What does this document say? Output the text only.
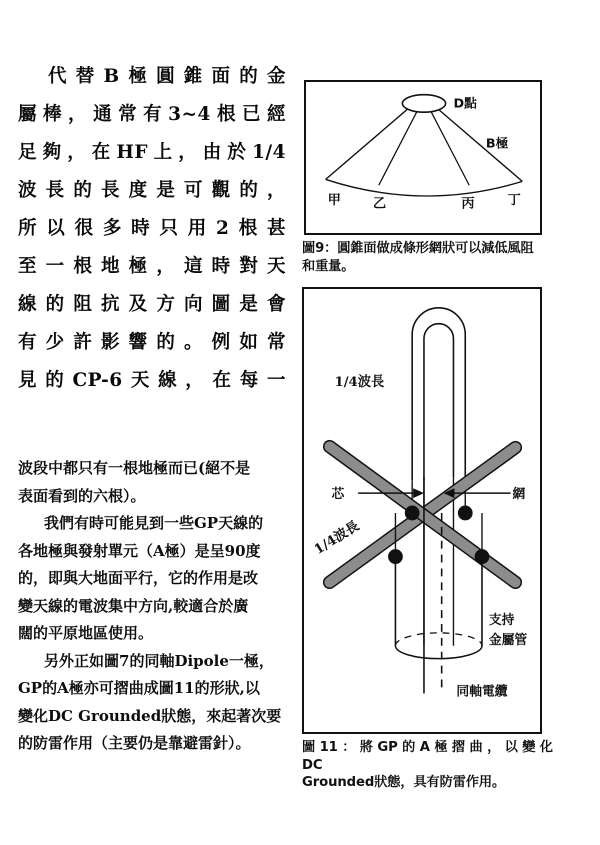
代替B極圓錐面的金
屬棒，通常有3~4根已經
足夠，在HF上，由於1/4
波長的長度是可觀的，
所以很多時只用2根甚
至一根地極，這時對天
線的阻抗及方向圖是會
有少許影響的。例如常
見的CP-6天線，在每一

波段中都只有一根地極而已(絕不是

表面看到的六根）。

我們有時可能見到一些GP天線的

各地極與發射單元（A極）是呈90度

的，即與大地面平行，它的作用是改

變天線的電波集中方向,較適合於廣

闊的平原地區使用。

另外正如圖7的同軸Dipole一極，

GP的A極亦可摺曲成圖11的形狀,以

變化DC Grounded狀態，來起著次要

的防雷作用（主要仍是靠避雷針）。

D點
B極
甲 乙	丙 丁
圖9：圓錐面做成條形網狀可以減低風阻
和重量。
芯	網
1/4波長
1/4波長
支持
金屬管
同軸電纜
圖 11 ： 將 GP 的 A 極 摺 曲 ， 以 變 化 DC
Grounded狀態，具有防雷作用。
